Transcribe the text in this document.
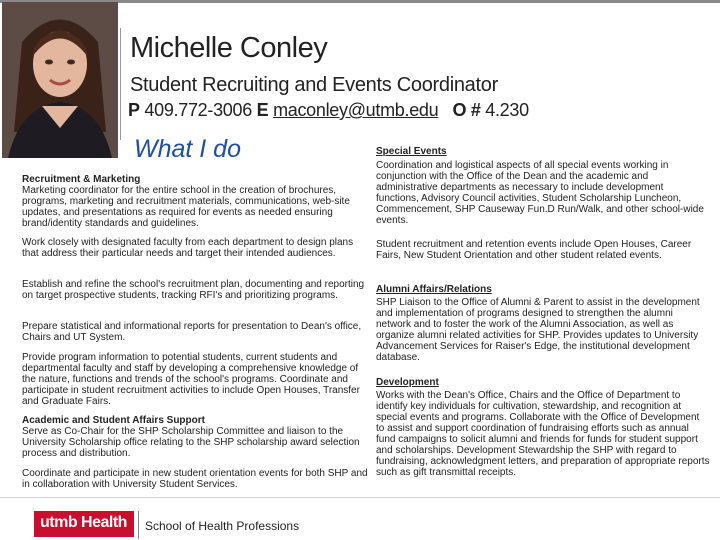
Michelle Conley
Student Recruiting and Events Coordinator
P 409.772-3006 E maconley@utmb.edu O # 4.230
What I do

Recruitment & Marketing

Marketing coordinator for the entire school in the creation of brochures, programs, marketing and recruitment materials, communications, web-site updates, and presentations as required for events as needed ensuring brand/identity standards and guidelines.

Work closely with designated faculty from each department to design plans that address their particular needs and target their intended audiences.
Establish and refine the school's recruitment plan, documenting and reporting on target prospective students, tracking RFI's and prioritizing programs.
Prepare statistical and informational reports for presentation to Dean's office, Chairs and UT System.
Provide program information to potential students, current students and departmental faculty and staff by developing a comprehensive knowledge of the nature, functions and trends of the school's programs. Coordinate and participate in student recruitment activities to include Open Houses, Transfer and Graduate Fairs.

Academic and Student Affairs Support

Serve as Co-Chair for the SHP Scholarship Committee and liaison to the University Scholarship office relating to the SHP scholarship award selection process and distribution.

Coordinate and participate in new student orientation events for both SHP and in collaboration with University Student Services.

Special Events

Coordination and logistical aspects of all special events working in conjunction with the Office of the Dean and the academic and administrative departments as necessary to include development functions, Advisory Council activities, Student Scholarship Luncheon, Commencement, SHP Causeway Fun.D Run/Walk, and other school-wide events.

Student recruitment and retention events include Open Houses, Career Fairs, New Student Orientation and other student related events.

Alumni Affairs/Relations

SHP Liaison to the Office of Alumni & Parent to assist in the development and implementation of programs designed to strengthen the alumni network and to foster the work of the Alumni Association, as well as organize alumni related activities for SHP. Provides updates to University Advancement Services for Raiser's Edge, the institutional development database.

Development

Works with the Dean's Office, Chairs and the Office of Department to identify key individuals for cultivation, stewardship, and recognition at special events and programs. Collaborate with the Office of Development to assist and support coordination of fundraising efforts such as annual fund campaigns to solicit alumni and friends for funds for student support and scholarships. Development Stewardship the SHP with regard to fundraising, acknowledgment letters, and preparation of appropriate reports such as gift transmittal receipts.

utmb Health School of Health Professions
